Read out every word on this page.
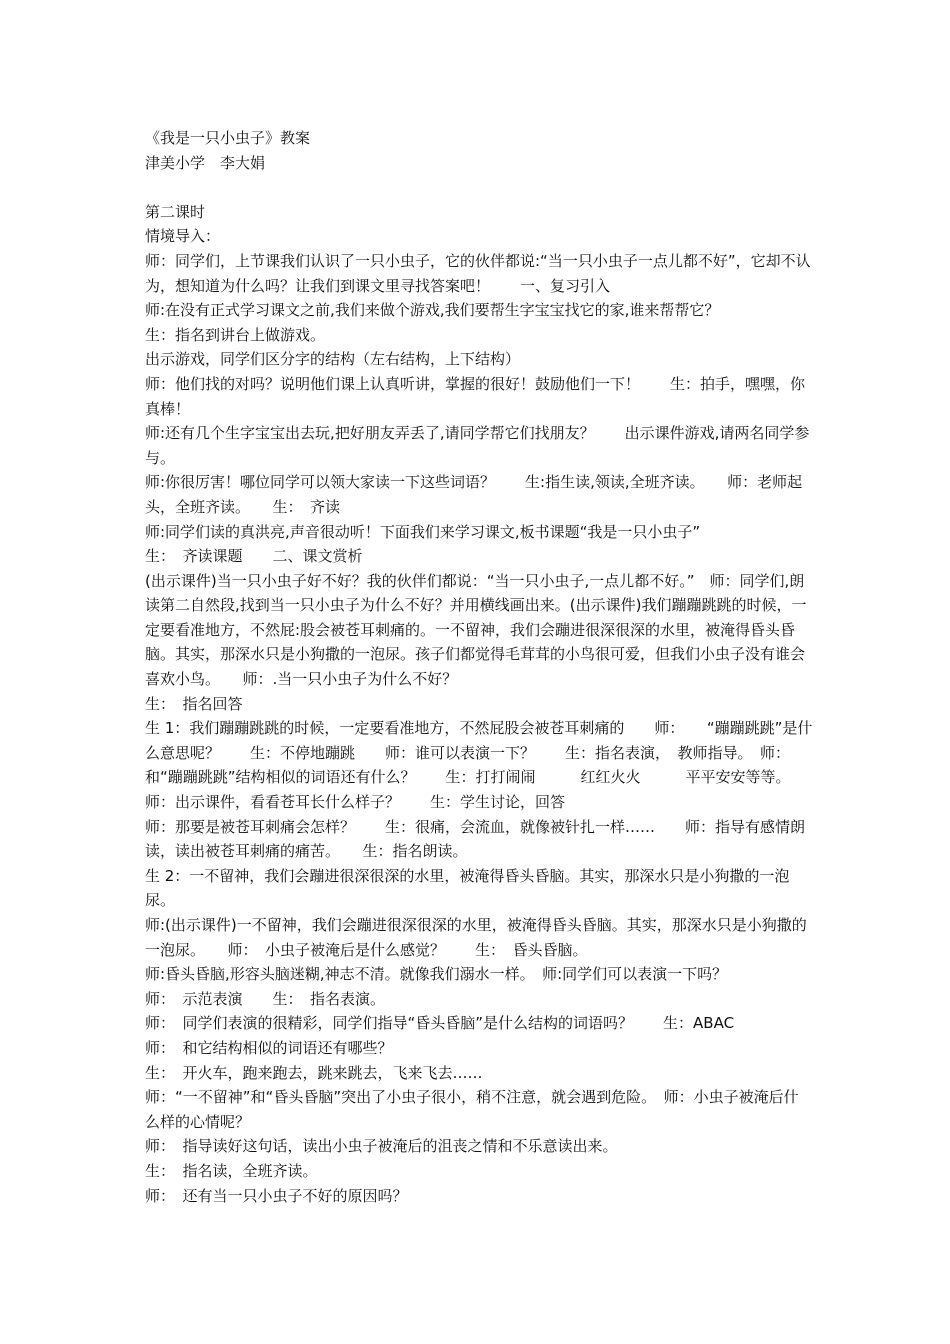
《我是一只小虫子》教案

津美小学　李大娟

第二课时

情境导入：

师：同学们，上节课我们认识了一只小虫子，它的伙伴都说:“当一只小虫子一点儿都不好”，它却不认为，想知道为什么吗？让我们到课文里寻找答案吧！　　一、复习引入

师:在没有正式学习课文之前,我们来做个游戏,我们要帮生字宝宝找它的家,谁来帮帮它？

生：指名到讲台上做游戏。

出示游戏，同学们区分字的结构（左右结构，上下结构）

师：他们找的对吗？说明他们课上认真听讲，掌握的很好！鼓励他们一下！　　生：拍手，嘿嘿，你真棒！

师:还有几个生字宝宝出去玩,把好朋友弄丢了,请同学帮它们找朋友？　　出示课件游戏,请两名同学参与。

师:你很厉害！哪位同学可以领大家读一下这些词语？　　生:指生读,领读,全班齐读。　　师：老师起头，全班齐读。　　生：　齐读

师:同学们读的真洪亮,声音很动听！下面我们来学习课文,板书课题“我是一只小虫子”

生：　齐读课题　　二、课文赏析

(出示课件)当一只小虫子好不好？我的伙伴们都说：“当一只小虫子,一点儿都不好。”　师：同学们,朗读第二自然段,找到当一只小虫子为什么不好？并用横线画出来。(出示课件)我们蹦蹦跳跳的时候，一定要看准地方，不然屁:股会被苍耳刺痛的。一不留神，我们会蹦进很深很深的水里，被淹得昏头昏脑。其实，那深水只是小狗撒的一泡尿。孩子们都觉得毛茸茸的小鸟很可爱，但我们小虫子没有谁会喜欢小鸟。　　师：.当一只小虫子为什么不好？

生：　指名回答

生 1：我们蹦蹦跳跳的时候，一定要看准地方，不然屁股会被苍耳刺痛的　　师：　　“蹦蹦跳跳”是什么意思呢？　　生：不停地蹦跳　　师：谁可以表演一下？　　生：指名表演，　教师指导。　师：和“蹦蹦跳跳”结构相似的词语还有什么？　　生：打打闹闹　　　红红火火　　　平平安安等等。　　师：出示课件，看看苍耳长什么样子？　　生：学生讨论，回答

师：那要是被苍耳刺痛会怎样？　　生：很痛，会流血，就像被针扎一样……　　师：指导有感情朗读，读出被苍耳刺痛的痛苦。　　生：指名朗读。

生 2：一不留神，我们会蹦进很深很深的水里，被淹得昏头昏脑。其实，那深水只是小狗撒的一泡尿。

师:(出示课件)一不留神，我们会蹦进很深很深的水里，被淹得昏头昏脑。其实，那深水只是小狗撒的一泡尿。　　师：　小虫子被淹后是什么感觉？　　生：　昏头昏脑。

师:昏头昏脑,形容头脑迷糊,神志不清。就像我们溺水一样。　师:同学们可以表演一下吗？

师：　示范表演　　生：　指名表演。

师：　同学们表演的很精彩，同学们指导“昏头昏脑”是什么结构的词语吗？　　生：ABAC

师：　和它结构相似的词语还有哪些？

生：　开火车，跑来跑去，跳来跳去，飞来飞去……

师：“一不留神”和“昏头昏脑”突出了小虫子很小，稍不注意，就会遇到危险。　师：小虫子被淹后什么样的心情呢？

师：　指导读好这句话，读出小虫子被淹后的沮丧之情和不乐意读出来。

生：　指名读，全班齐读。

师：　还有当一只小虫子不好的原因吗？
